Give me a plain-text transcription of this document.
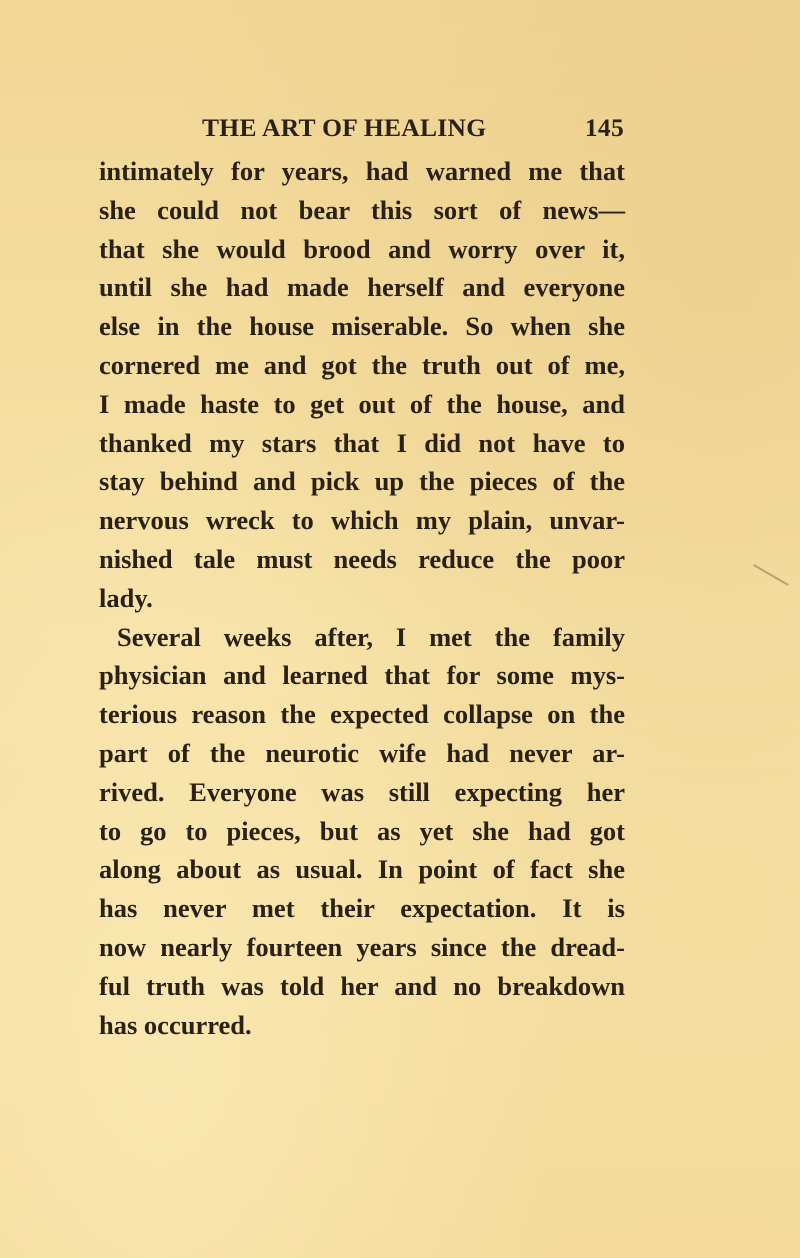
THE ART OF HEALING	145
intimately for years, had warned me that
she could not bear this sort of news—
that she would brood and worry over it,
until she had made herself and everyone
else in the house miserable. So when she
cornered me and got the truth out of me,
I made haste to get out of the house, and
thanked my stars that I did not have to
stay behind and pick up the pieces of the
nervous wreck to which my plain, unvar-
nished tale must needs reduce the poor
lady.
Several weeks after, I met the family
physician and learned that for some mys-
terious reason the expected collapse on the
part of the neurotic wife had never ar-
rived. Everyone was still expecting her
to go to pieces, but as yet she had got
along about as usual. In point of fact she
has never met their expectation. It is
now nearly fourteen years since the dread-
ful truth was told her and no breakdown
has occurred.
